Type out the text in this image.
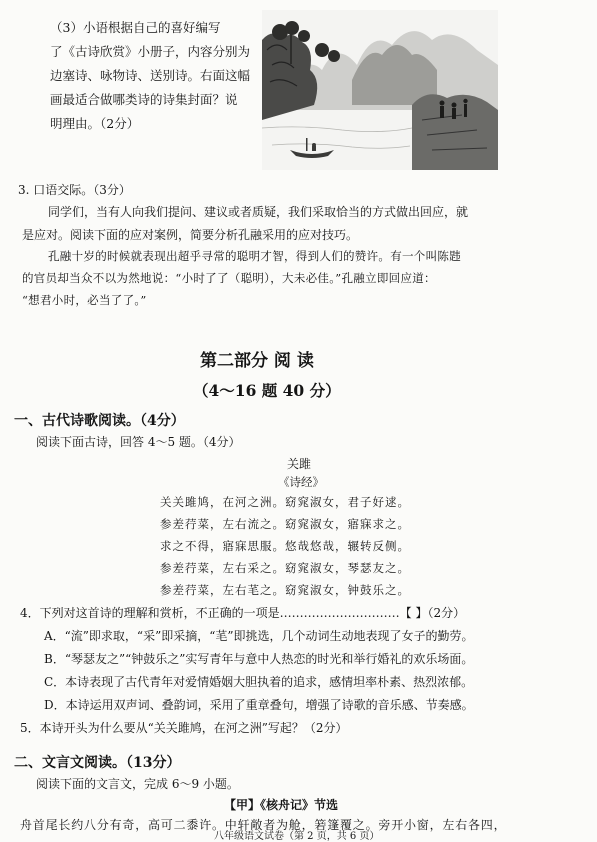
（3）小语根据自己的喜好编写
了《古诗欣赏》小册子，内容分别为
边塞诗、咏物诗、送别诗。右面这幅
画最适合做哪类诗的诗集封面？说
明理由。（2分）
3. 口语交际。（3分）
同学们，当有人向我们提问、建议或者质疑，我们采取恰当的方式做出回应，就
是应对。阅读下面的应对案例，简要分析孔融采用的应对技巧。
孔融十岁的时候就表现出超乎寻常的聪明才智，得到人们的赞许。有一个叫陈韪
的官员却当众不以为然地说：“小时了了（聪明），大未必佳。”孔融立即回应道：
“想君小时，必当了了。”
第二部分 阅 读
（4～16 题 40 分）
一、古代诗歌阅读。（4分）
阅读下面古诗，回答 4～5 题。（4分）
关雎
《诗经》
关关雎鸠，在河之洲。窈窕淑女，君子好逑。
参差荇菜，左右流之。窈窕淑女，寤寐求之。
求之不得，寤寐思服。悠哉悠哉，辗转反侧。
参差荇菜，左右采之。窈窕淑女，琴瑟友之。
参差荇菜，左右芼之。窈窕淑女，钟鼓乐之。
4．下列对这首诗的理解和赏析，不正确的一项是…………………………【 】（2分）
A．“流”即求取，“采”即采摘，“芼”即挑选，几个动词生动地表现了女子的勤劳。
B．“琴瑟友之”“钟鼓乐之”实写青年与意中人热恋的时光和举行婚礼的欢乐场面。
C．本诗表现了古代青年对爱情婚姻大胆执着的追求，感情坦率朴素、热烈浓郁。
D．本诗运用双声词、叠韵词，采用了重章叠句，增强了诗歌的音乐感、节奏感。
5．本诗开头为什么要从“关关雎鸠，在河之洲”写起？（2分）
二、文言文阅读。（13分）
阅读下面的文言文，完成 6～9 小题。
【甲】《核舟记》节选
舟首尾长约八分有奇，高可二黍许。中轩敞者为舱，箬篷覆之。旁开小窗，左右各四，
八年级语文试卷（第 2 页，共 6 页）
